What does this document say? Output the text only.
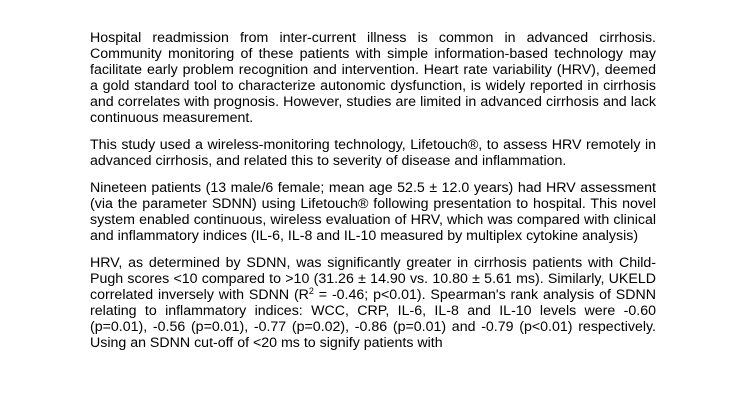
Hospital readmission from inter-current illness is common in advanced cirrhosis. Community monitoring of these patients with simple information-based technology may facilitate early problem recognition and intervention. Heart rate variability (HRV), deemed a gold standard tool to characterize autonomic dysfunction, is widely reported in cirrhosis and correlates with prognosis. However, studies are limited in advanced cirrhosis and lack continuous measurement.

This study used a wireless-monitoring technology, Lifetouch®, to assess HRV remotely in advanced cirrhosis, and related this to severity of disease and inflammation.

Nineteen patients (13 male/6 female; mean age 52.5 ± 12.0 years) had HRV assessment (via the parameter SDNN) using Lifetouch® following presentation to hospital. This novel system enabled continuous, wireless evaluation of HRV, which was compared with clinical and inflammatory indices (IL-6, IL-8 and IL-10 measured by multiplex cytokine analysis)

HRV, as determined by SDNN, was significantly greater in cirrhosis patients with Child-Pugh scores <10 compared to >10 (31.26 ± 14.90 vs. 10.80 ± 5.61 ms). Similarly, UKELD correlated inversely with SDNN ($R^2 = -0.46$; p<0.01). Spearman's rank analysis of SDNN relating to inflammatory indices: WCC, CRP, IL-6, IL-8 and IL-10 levels were -0.60 (p=0.01), -0.56 (p=0.01), -0.77 (p=0.02), -0.86 (p=0.01) and -0.79 (p<0.01) respectively. Using an SDNN cut-off of <20 ms to signify patients with
